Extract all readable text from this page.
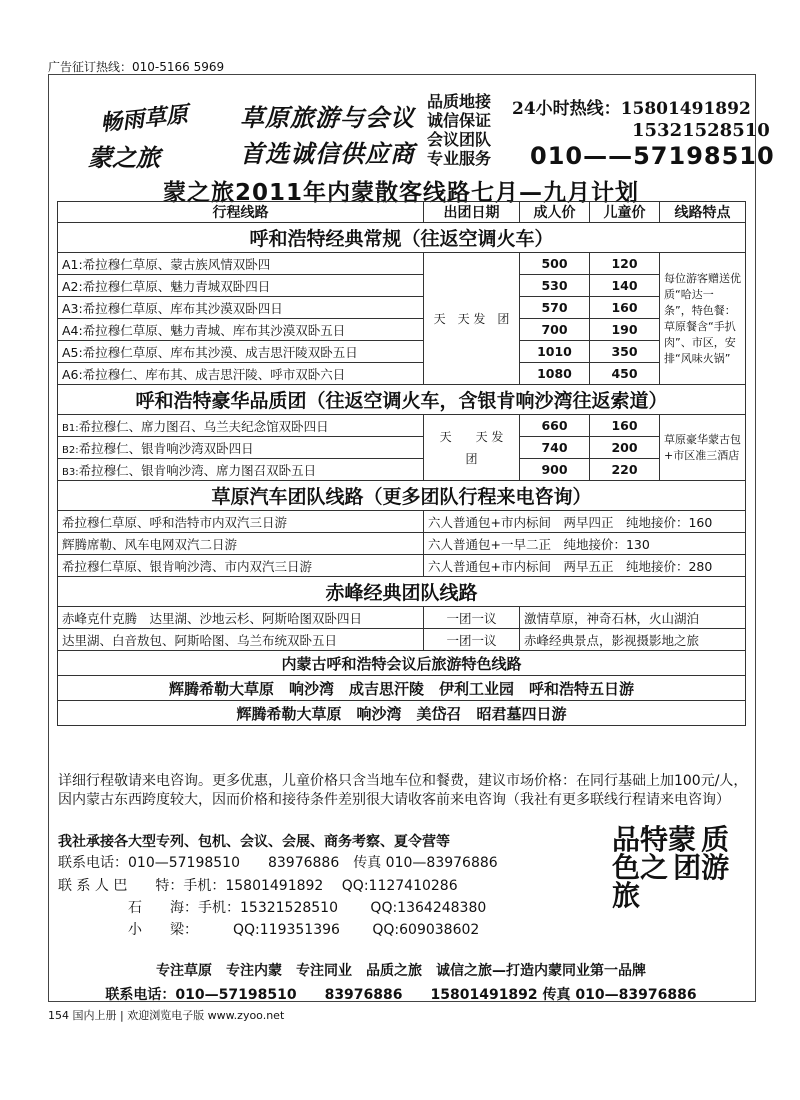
广告征订热线：010-5166 5969
畅雨草原
蒙之旅
草原旅游与会议
首选诚信供应商
品质地接
诚信保证
会议团队
专业服务
24小时热线：15801491892
15321528510
010——57198510
蒙之旅2011年内蒙散客线路七月—九月计划
行程线路	出团日期	成人价	儿童价	线路特点
呼和浩特经典常规（往返空调火车）				
A1:希拉穆仁草原、蒙古族风情双卧四	天　天 发　团	500	120	每位游客赠送优质“哈达一条”，特色餐：草原餐含“手扒肉”、市区，安排“风味火锅”
A2:希拉穆仁草原、魅力青城双卧四日		530	140	
A3:希拉穆仁草原、库布其沙漠双卧四日		570	160	
A4:希拉穆仁草原、魅力青城、库布其沙漠双卧五日		700	190	
A5:希拉穆仁草原、库布其沙漠、成吉思汗陵双卧五日		1010	350	
A6:希拉穆仁、库布其、成吉思汗陵、呼市双卧六日		1080	450	
呼和浩特豪华品质团（往返空调火车，含银肯响沙湾往返索道）				
B1:希拉穆仁、席力图召、乌兰夫纪念馆双卧四日	天　　天 发　　团	660	160	草原豪华蒙古包+市区准三酒店
B2:希拉穆仁、银肯响沙湾双卧四日		740	200	
B3:希拉穆仁、银肯响沙湾、席力图召双卧五日		900	220	
草原汽车团队线路（更多团队行程来电咨询）				
希拉穆仁草原、呼和浩特市内双汽三日游	六人普通包+市内标间　两早四正　纯地接价：160			
辉腾席勒、风车电网双汽二日游	六人普通包+一早二正　纯地接价：130			
希拉穆仁草原、银肯响沙湾、市内双汽三日游	六人普通包+市内标间　两早五正　纯地接价：280			
赤峰经典团队线路				
赤峰克什克腾　达里湖、沙地云杉、阿斯哈图双卧四日	一团一议	激情草原，神奇石林，火山湖泊		
达里湖、白音敖包、阿斯哈图、乌兰布统双卧五日	一团一议	赤峰经典景点，影视摄影地之旅		
内蒙古呼和浩特会议后旅游特色线路				
辉腾希勒大草原　响沙湾　成吉思汗陵　伊利工业园　呼和浩特五日游				
辉腾希勒大草原　响沙湾　美岱召　昭君墓四日游				
详细行程敬请来电咨询。更多优惠，儿童价格只含当地车位和餐费，建议市场价格：在同行基础上加100元/人，因内蒙古东西跨度较大，因而价格和接待条件差别很大请收客前来电咨询（我社有更多联线行程请来电咨询）
我社承接各大型专列、包机、会议、会展、商务考察、夏令营等
联系电话：010—57198510　　83976886　传真 010—83976886
联 系 人 巴　　特：手机：15801491892　 QQ:1127410286
石　　海：手机：15321528510　　 QQ:1364248380
小　　梁：　　　QQ:119351396　　 QQ:609038602
品特蒙 质色之 团游旅
专注草原　专注内蒙　专注同业　品质之旅　诚信之旅—打造内蒙同业第一品牌
联系电话：010—57198510　　83976886　　15801491892 传真 010—83976886
154 国内上册 | 欢迎浏览电子版 www.zyoo.net
